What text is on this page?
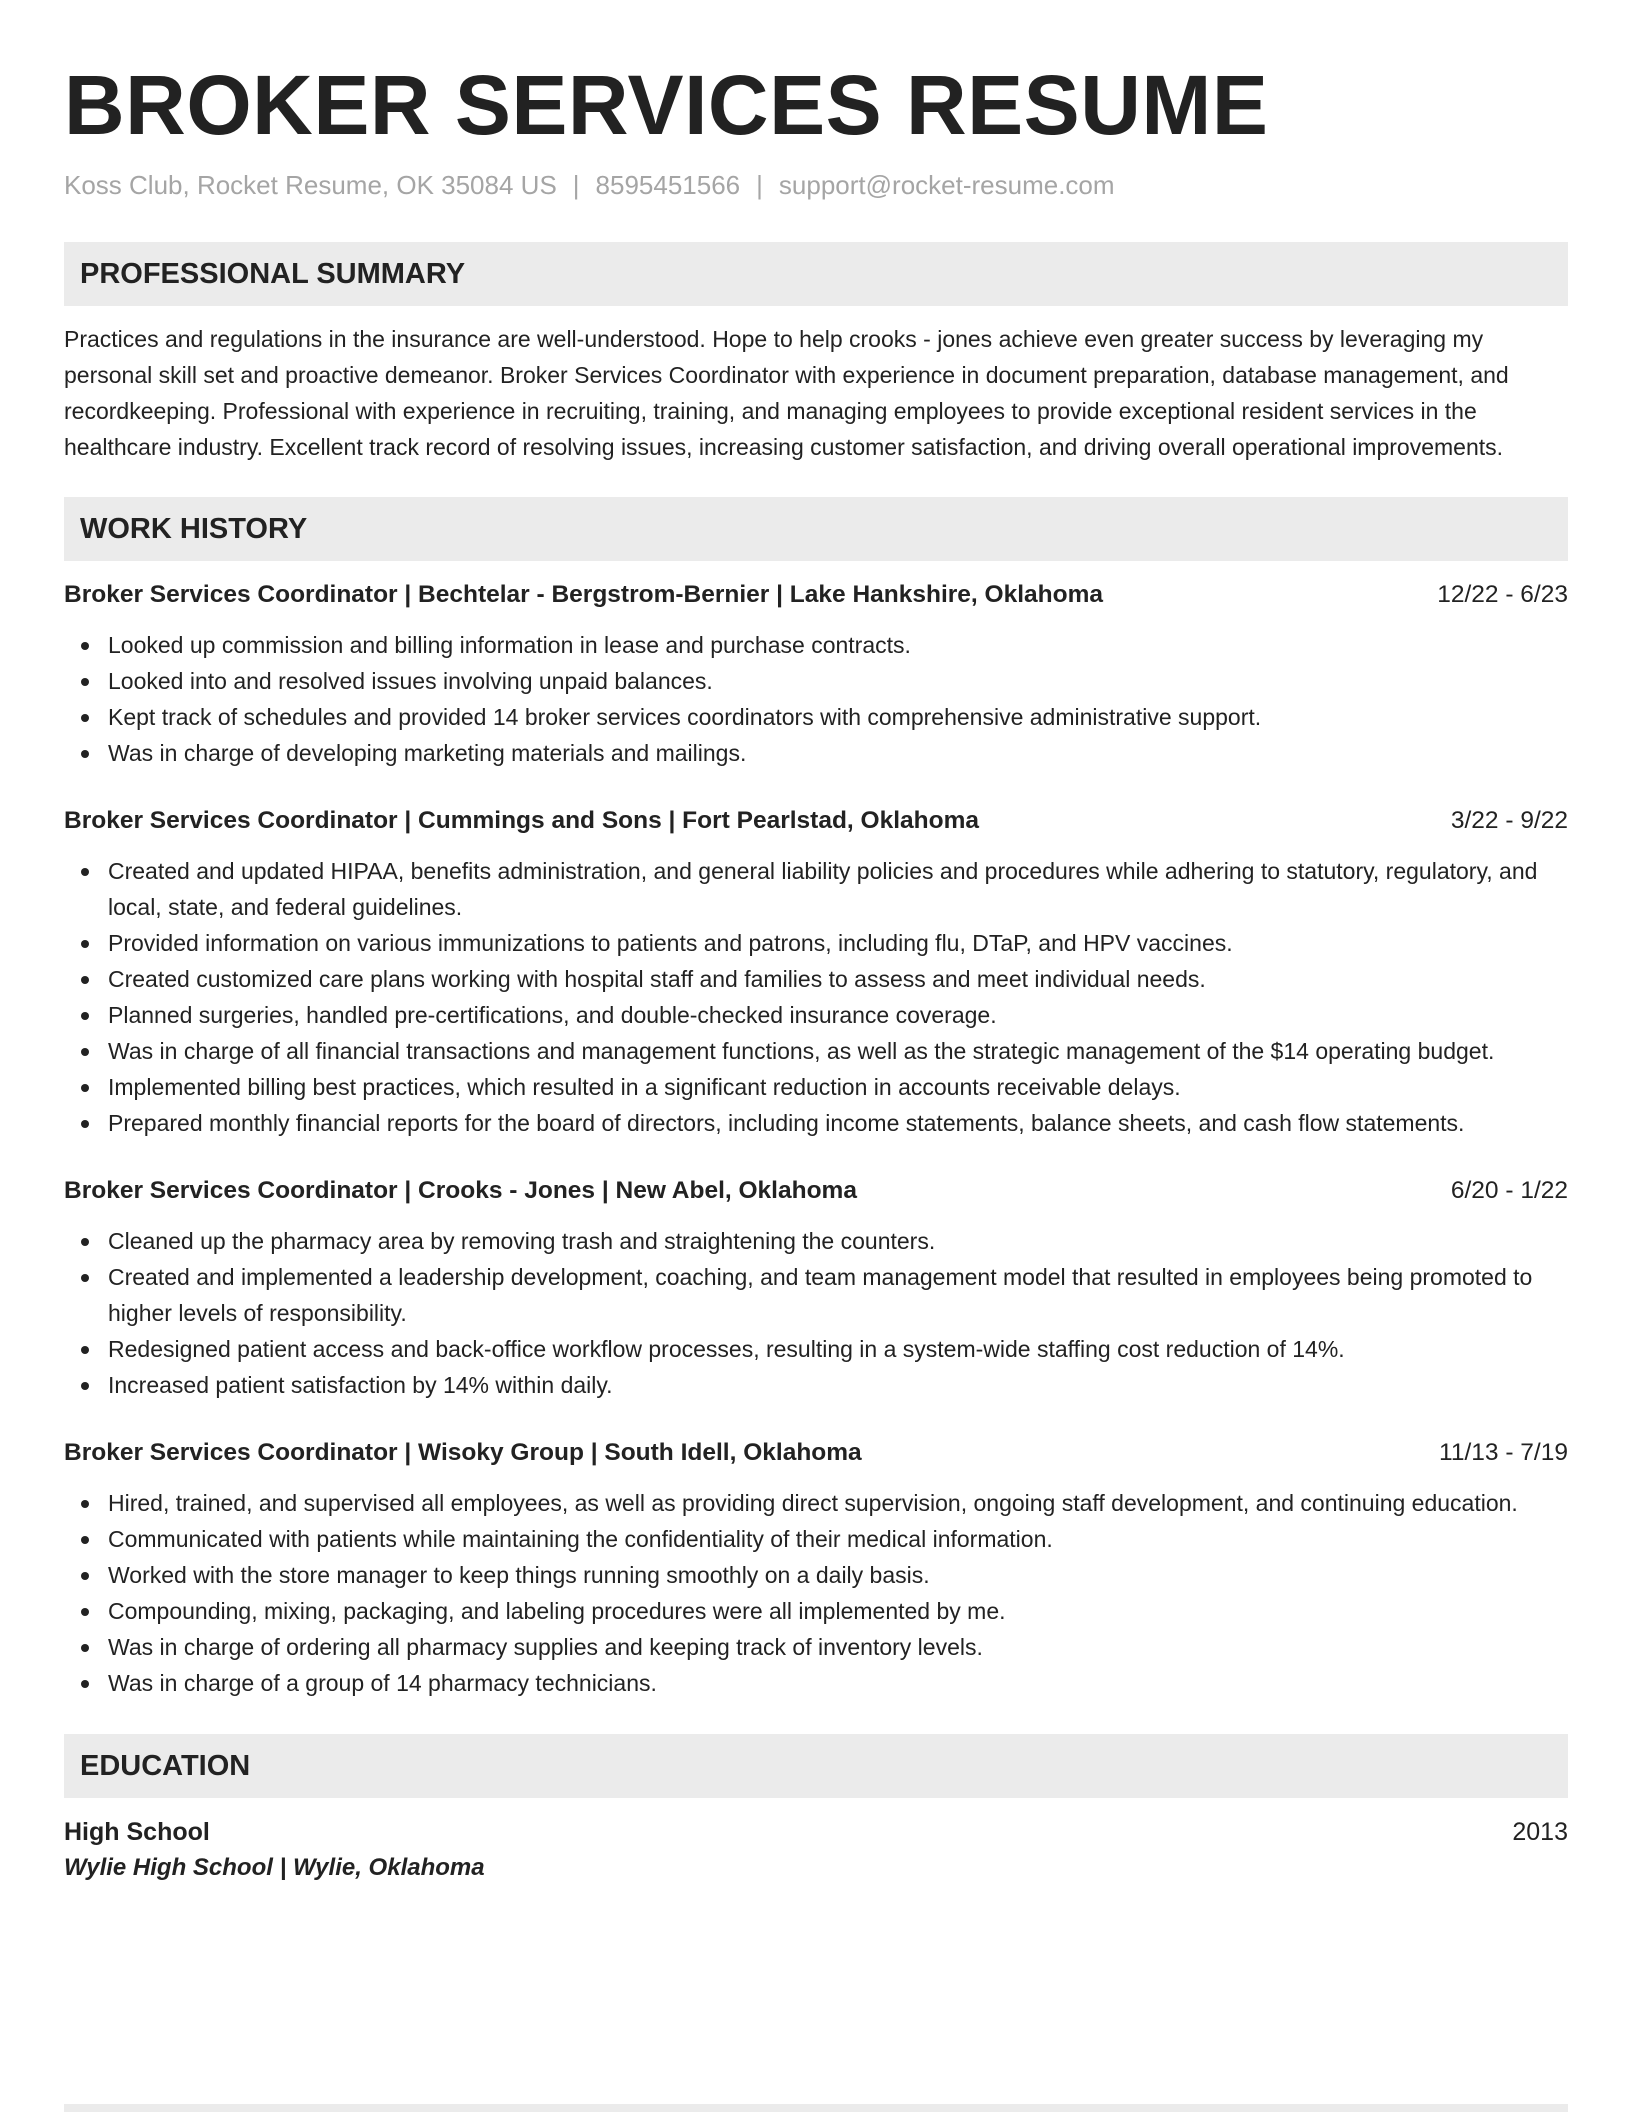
BROKER SERVICES RESUME
Koss Club, Rocket Resume, OK 35084 US | 8595451566 | support@rocket-resume.com
PROFESSIONAL SUMMARY

Practices and regulations in the insurance are well-understood. Hope to help crooks - jones achieve even greater success by leveraging my personal skill set and proactive demeanor. Broker Services Coordinator with experience in document preparation, database management, and recordkeeping. Professional with experience in recruiting, training, and managing employees to provide exceptional resident services in the healthcare industry. Excellent track record of resolving issues, increasing customer satisfaction, and driving overall operational improvements.

WORK HISTORY
Broker Services Coordinator | Bechtelar - Bergstrom-Bernier | Lake Hankshire, Oklahoma	12/22 - 6/23
Looked up commission and billing information in lease and purchase contracts.
Looked into and resolved issues involving unpaid balances.
Kept track of schedules and provided 14 broker services coordinators with comprehensive administrative support.
Was in charge of developing marketing materials and mailings.
Broker Services Coordinator | Cummings and Sons | Fort Pearlstad, Oklahoma	3/22 - 9/22
Created and updated HIPAA, benefits administration, and general liability policies and procedures while adhering to statutory, regulatory, and local, state, and federal guidelines.
Provided information on various immunizations to patients and patrons, including flu, DTaP, and HPV vaccines.
Created customized care plans working with hospital staff and families to assess and meet individual needs.
Planned surgeries, handled pre-certifications, and double-checked insurance coverage.
Was in charge of all financial transactions and management functions, as well as the strategic management of the $14 operating budget.
Implemented billing best practices, which resulted in a significant reduction in accounts receivable delays.
Prepared monthly financial reports for the board of directors, including income statements, balance sheets, and cash flow statements.
Broker Services Coordinator | Crooks - Jones | New Abel, Oklahoma	6/20 - 1/22
Cleaned up the pharmacy area by removing trash and straightening the counters.
Created and implemented a leadership development, coaching, and team management model that resulted in employees being promoted to higher levels of responsibility.
Redesigned patient access and back-office workflow processes, resulting in a system-wide staffing cost reduction of 14%.
Increased patient satisfaction by 14% within daily.
Broker Services Coordinator | Wisoky Group | South Idell, Oklahoma	11/13 - 7/19
Hired, trained, and supervised all employees, as well as providing direct supervision, ongoing staff development, and continuing education.
Communicated with patients while maintaining the confidentiality of their medical information.
Worked with the store manager to keep things running smoothly on a daily basis.
Compounding, mixing, packaging, and labeling procedures were all implemented by me.
Was in charge of ordering all pharmacy supplies and keeping track of inventory levels.
Was in charge of a group of 14 pharmacy technicians.
EDUCATION
High School	2013
Wylie High School | Wylie, Oklahoma
